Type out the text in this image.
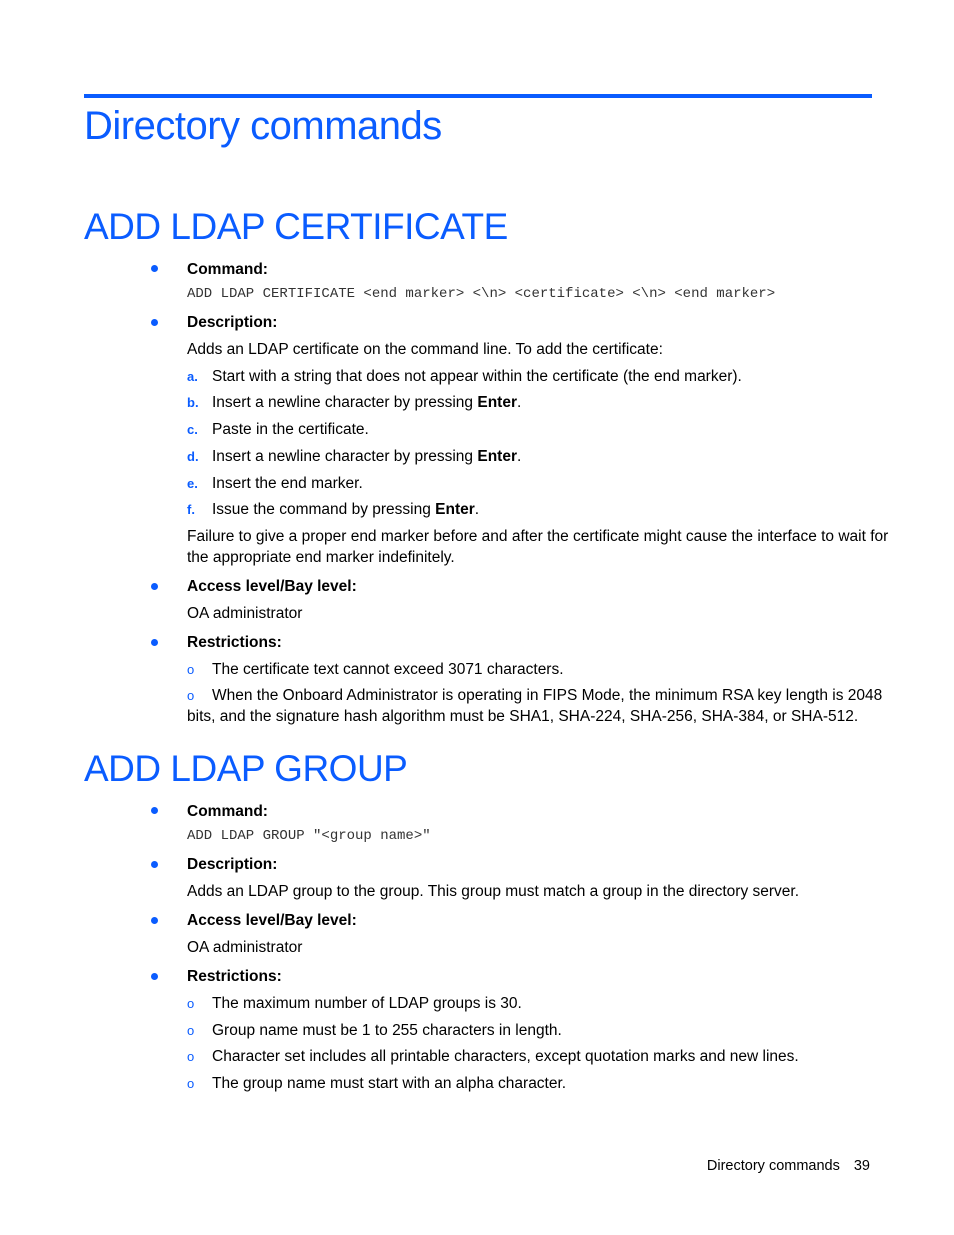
Directory commands
ADD LDAP CERTIFICATE
Command:
ADD LDAP CERTIFICATE <end marker> <\n> <certificate> <\n> <end marker>
Description:
Adds an LDAP certificate on the command line. To add the certificate:
a. Start with a string that does not appear within the certificate (the end marker).
b. Insert a newline character by pressing Enter.
c. Paste in the certificate.
d. Insert a newline character by pressing Enter.
e. Insert the end marker.
f. Issue the command by pressing Enter.
Failure to give a proper end marker before and after the certificate might cause the interface to wait for
the appropriate end marker indefinitely.
Access level/Bay level:
OA administrator
Restrictions:
o The certificate text cannot exceed 3071 characters.
o When the Onboard Administrator is operating in FIPS Mode, the minimum RSA key length is 2048
bits, and the signature hash algorithm must be SHA1, SHA-224, SHA-256, SHA-384, or SHA-512.
ADD LDAP GROUP
Command:
ADD LDAP GROUP "<group name>"
Description:
Adds an LDAP group to the group. This group must match a group in the directory server.
Access level/Bay level:
OA administrator
Restrictions:
o The maximum number of LDAP groups is 30.
o Group name must be 1 to 255 characters in length.
o Character set includes all printable characters, except quotation marks and new lines.
o The group name must start with an alpha character.
Directory commands 39
